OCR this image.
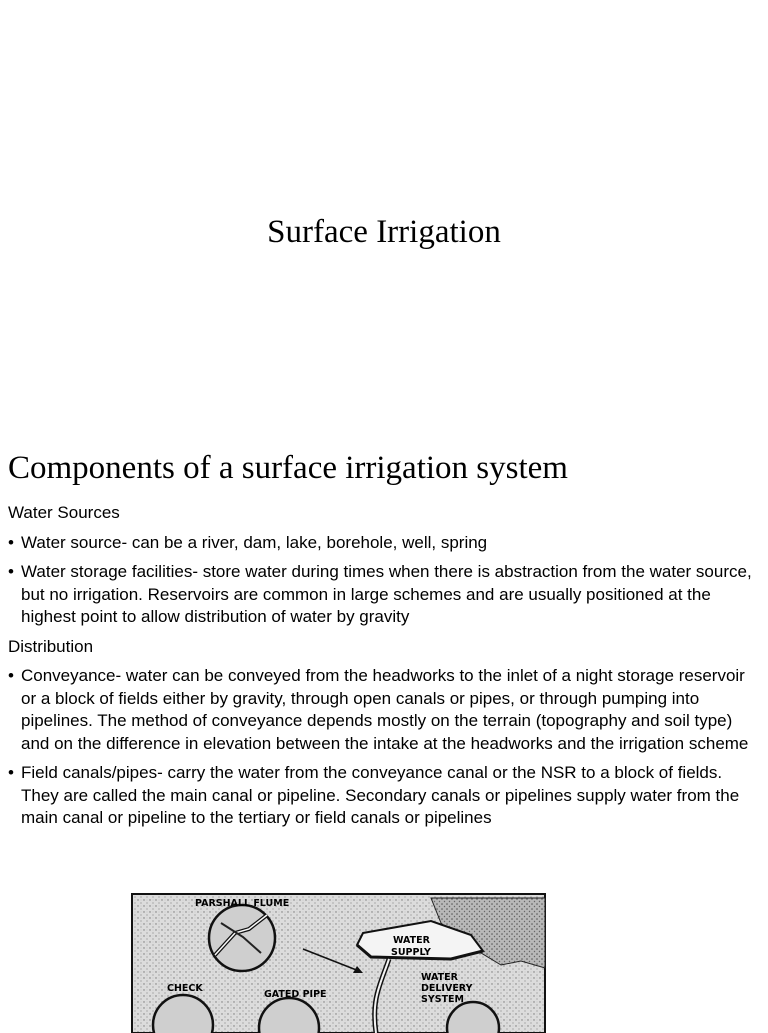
Surface Irrigation
Components of a surface irrigation system
Water Sources
• Water source- can be a river, dam, lake, borehole, well, spring
• Water storage facilities- store water during times when there is abstraction from the water source, but no irrigation. Reservoirs are common in large schemes and are usually positioned at the highest point to allow distribution of water by gravity
Distribution
• Conveyance- water can be conveyed from the headworks to the inlet of a night storage reservoir or a block of fields either by gravity, through open canals or pipes, or through pumping into pipelines. The method of conveyance depends mostly on the terrain (topography and soil type) and on the difference in elevation between the intake at the headworks and the irrigation scheme
• Field canals/pipes- carry the water from the conveyance canal or the NSR to a block of fields. They are called the main canal or pipeline. Secondary canals or pipelines supply water from the main canal or pipeline to the tertiary or field canals or pipelines
PARSHALL FLUME
WATER
SUPPLY
CHECK
GATED PIPE
WATER
DELIVERY
SYSTEM
